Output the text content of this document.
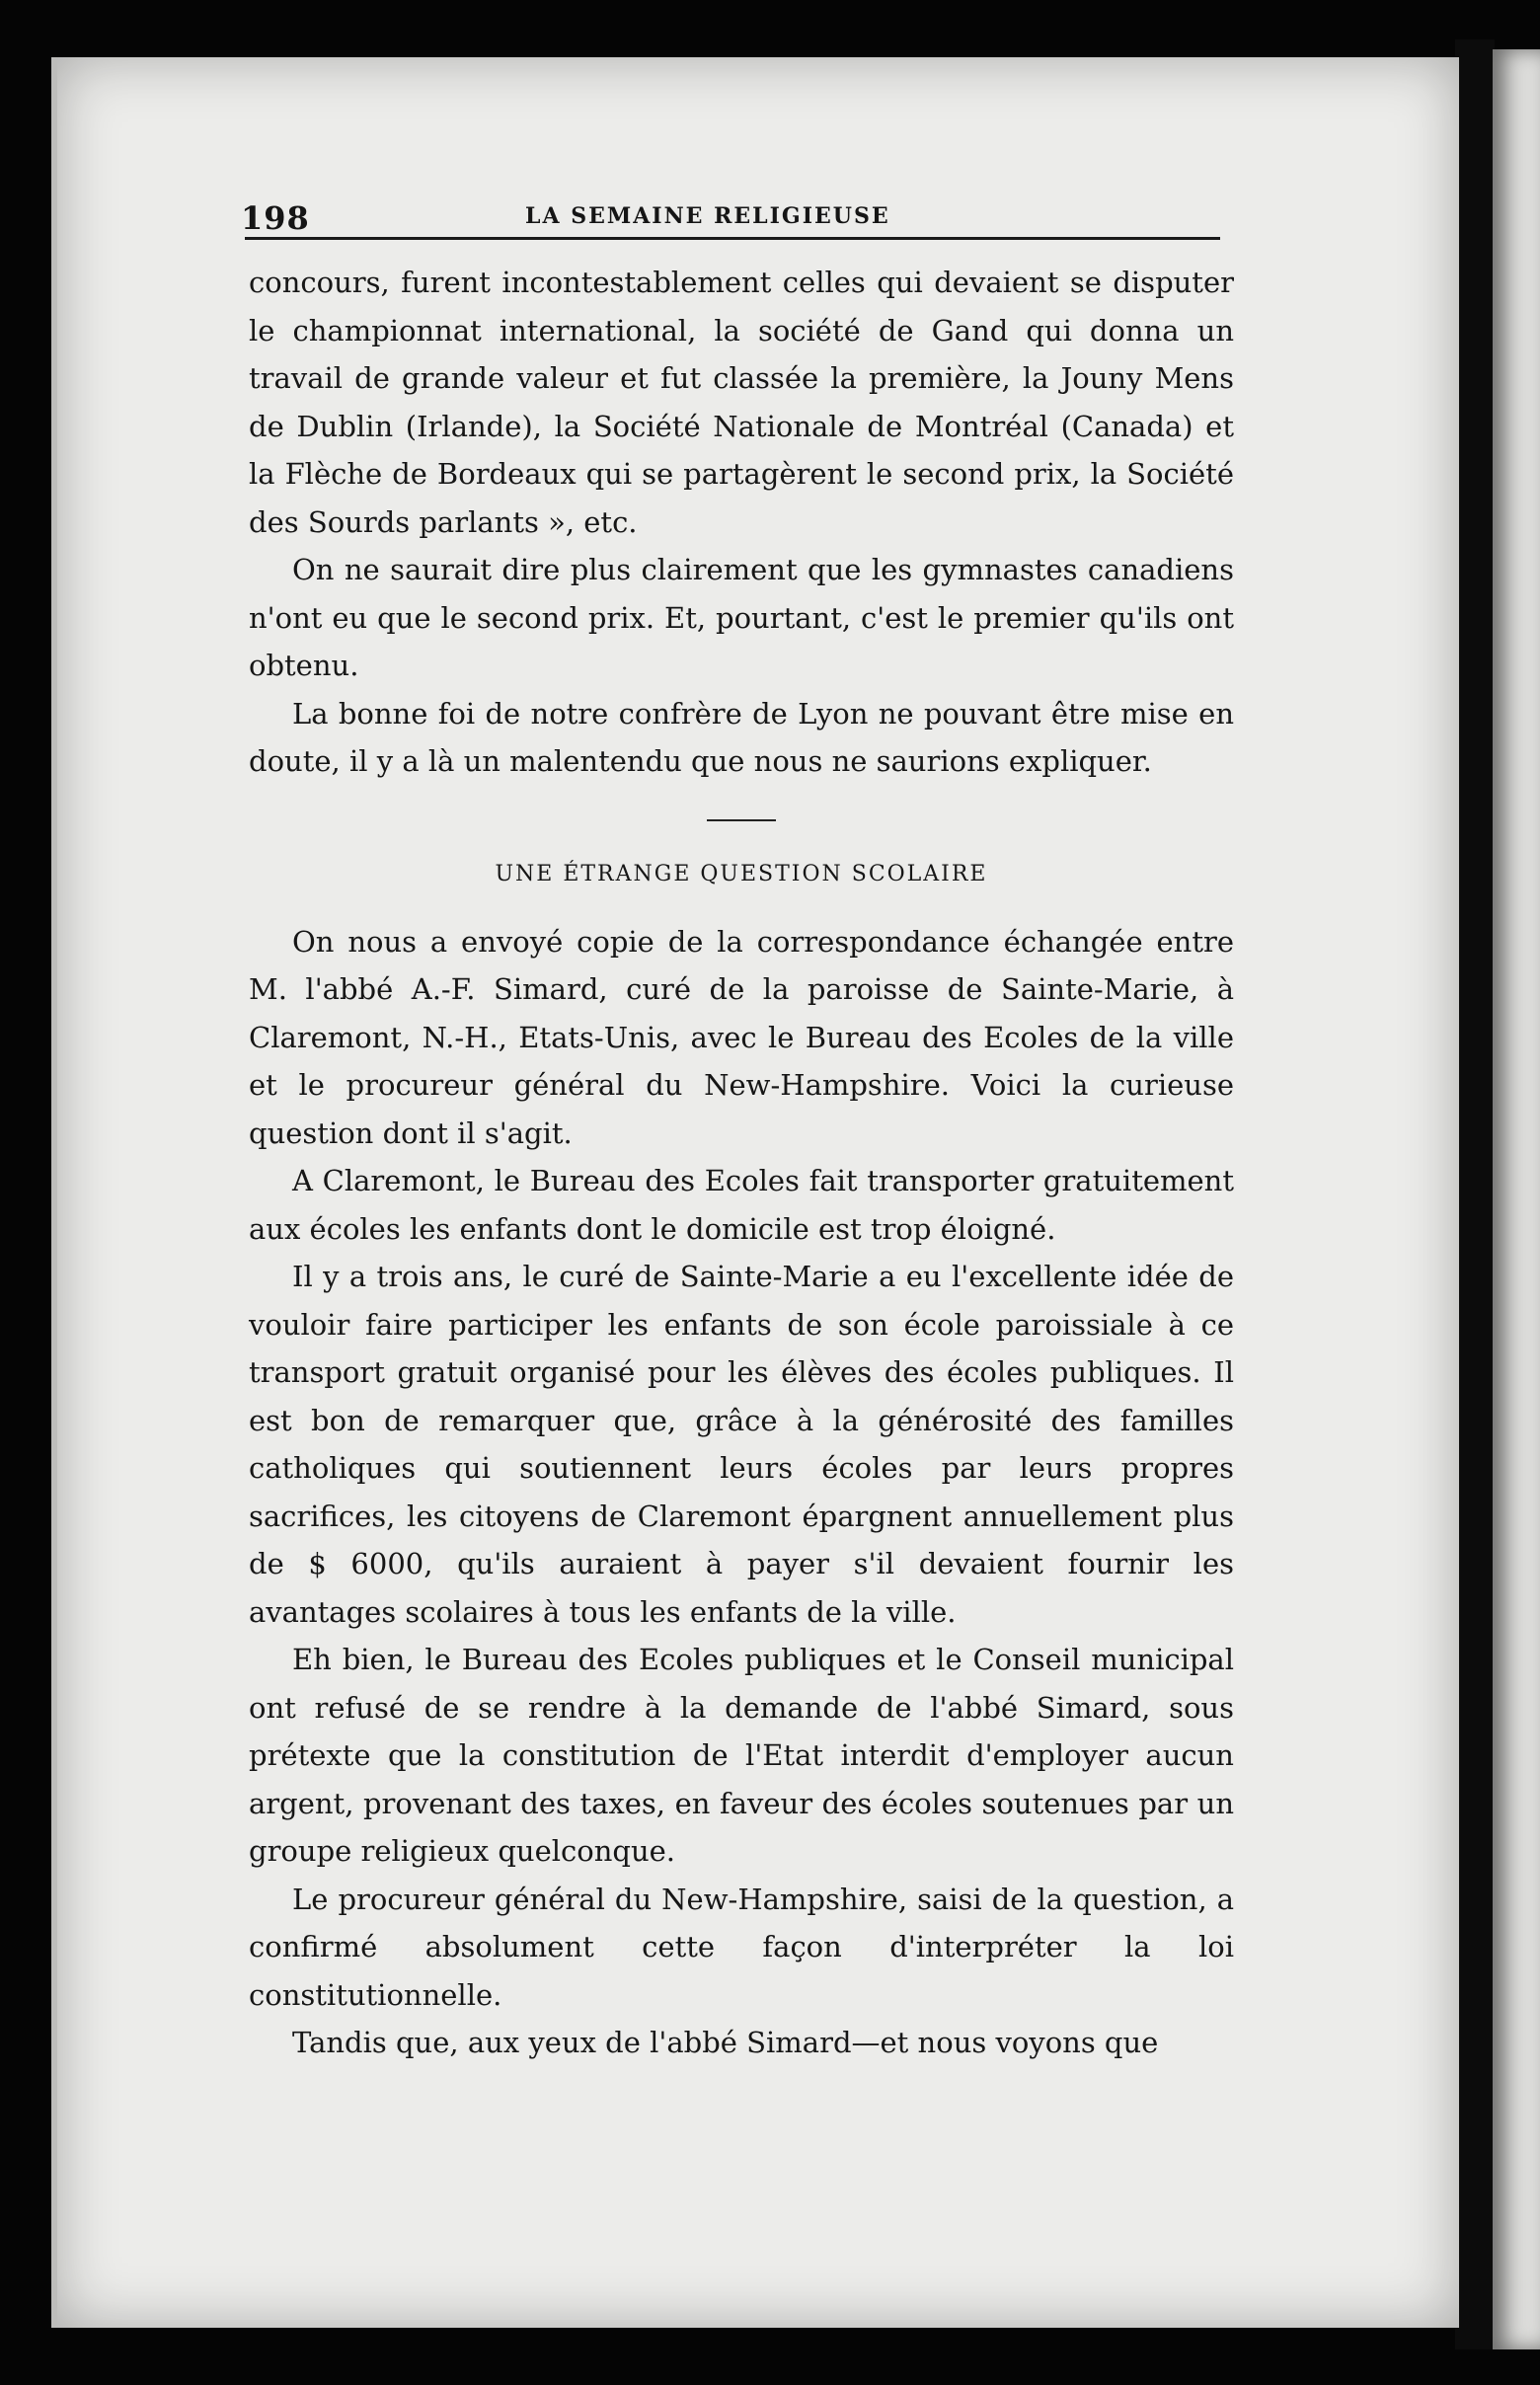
198	LA SEMAINE RELIGIEUSE

concours, furent incontestablement celles qui devaient se disputer le championnat international, la société de Gand qui donna un travail de grande valeur et fut classée la première, la Jouny Mens de Dublin (Irlande), la Société Nationale de Montréal (Canada) et la Flèche de Bordeaux qui se partagèrent le second prix, la Société des Sourds parlants », etc.

On ne saurait dire plus clairement que les gymnastes canadiens n'ont eu que le second prix. Et, pourtant, c'est le premier qu'ils ont obtenu.

La bonne foi de notre confrère de Lyon ne pouvant être mise en doute, il y a là un malentendu que nous ne saurions expliquer.

UNE ÉTRANGE QUESTION SCOLAIRE

On nous a envoyé copie de la correspondance échangée entre M. l'abbé A.-F. Simard, curé de la paroisse de Sainte-Marie, à Claremont, N.-H., Etats-Unis, avec le Bureau des Ecoles de la ville et le procureur général du New-Hampshire. Voici la curieuse question dont il s'agit.

A Claremont, le Bureau des Ecoles fait transporter gratuitement aux écoles les enfants dont le domicile est trop éloigné.

Il y a trois ans, le curé de Sainte-Marie a eu l'excellente idée de vouloir faire participer les enfants de son école paroissiale à ce transport gratuit organisé pour les élèves des écoles publiques. Il est bon de remarquer que, grâce à la générosité des familles catholiques qui soutiennent leurs écoles par leurs propres sacrifices, les citoyens de Claremont épargnent annuellement plus de $ 6000, qu'ils auraient à payer s'il devaient fournir les avantages scolaires à tous les enfants de la ville.

Eh bien, le Bureau des Ecoles publiques et le Conseil municipal ont refusé de se rendre à la demande de l'abbé Simard, sous prétexte que la constitution de l'Etat interdit d'employer aucun argent, provenant des taxes, en faveur des écoles soutenues par un groupe religieux quelconque.

Le procureur général du New-Hampshire, saisi de la question, a confirmé absolument cette façon d'interpréter la loi constitutionnelle.

Tandis que, aux yeux de l'abbé Simard—et nous voyons que
